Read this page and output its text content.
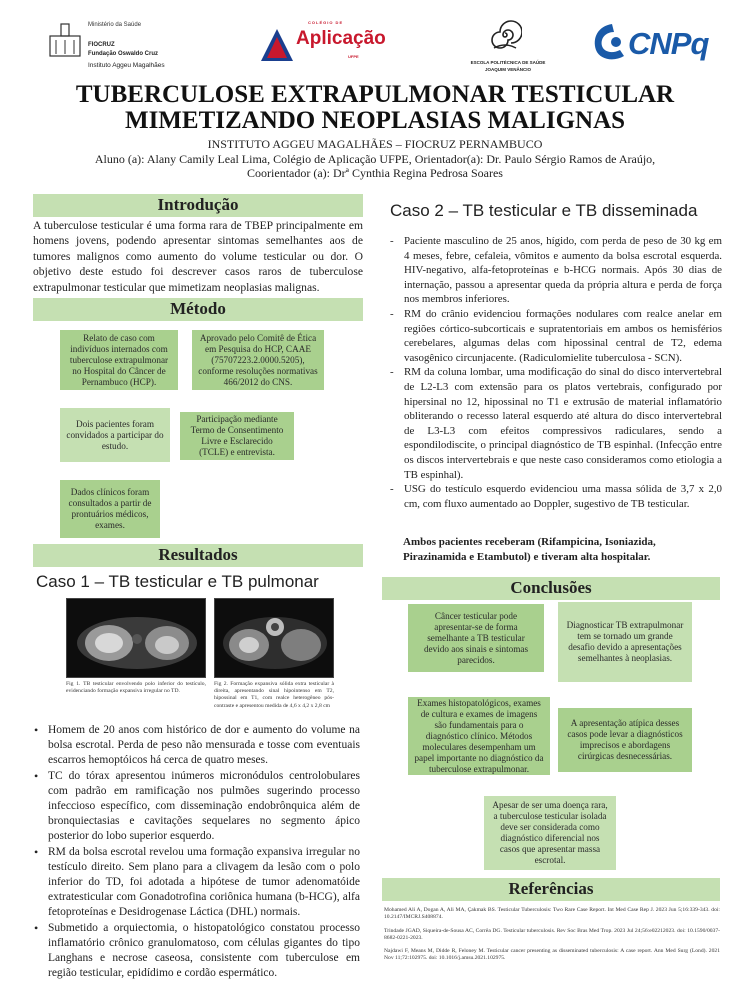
Ministério da Saúde
FIOCRUZ
Fundação Oswaldo Cruz
Instituto Aggeu Magalhães
COLÉGIO DE
Aplicação
UFPE
ESCOLA POLITÉCNICA DE SAÚDE
JOAQUIM VENÂNCIO
CNPq
TUBERCULOSE EXTRAPULMONAR TESTICULAR
MIMETIZANDO NEOPLASIAS MALIGNAS
INSTITUTO AGGEU MAGALHÃES – FIOCRUZ PERNAMBUCO
Aluno (a): Alany Camily Leal Lima, Colégio de Aplicação UFPE, Orientador(a): Dr. Paulo Sérgio Ramos de Araújo,
Coorientador (a): Drª Cynthia Regina Pedrosa Soares
Introdução
A tuberculose testicular é uma forma rara de TBEP principalmente em homens jovens, podendo apresentar sintomas semelhantes aos de tumores malignos como aumento do volume testicular ou dor. O objetivo deste estudo foi descrever casos raros de tuberculose extrapulmonar testicular que mimetizam neoplasias malignas.
Método
Relato de caso com indivíduos internados com tuberculose extrapulmonar no Hospital do Câncer de Pernambuco (HCP).
Aprovado pelo Comitê de Ética em Pesquisa do HCP, CAAE (75707223.2.0000.5205), conforme resoluções normativas 466/2012 do CNS.
Dois pacientes foram convidados a participar do estudo.
Participação mediante Termo de Consentimento Livre e Esclarecido (TCLE) e entrevista.
Dados clínicos foram consultados a partir de prontuários médicos, exames.
Resultados
Caso 1 – TB testicular e TB pulmonar
Fig 1. TB testicular envolvendo polo inferior do testículo, evidenciando formação expansiva irregular no TD.
Fig 2. Formação expansiva sólida extra testicular à direita, apresentando sinal hipointenso em T2, hipossinal em T1, com realce heterogêneo pós-contraste e apresentou medida de 4,6 x 4,2 x 2,8 cm
• Homem de 20 anos com histórico de dor e aumento do volume na bolsa escrotal. Perda de peso não mensurada e tosse com eventuais escarros hemoptóicos há cerca de quatro meses.
• TC do tórax apresentou inúmeros micronódulos centrolobulares com padrão em ramificação nos pulmões sugerindo processo infeccioso específico, com disseminação endobrônquica além de bronquiectasias e cavitações sequelares no segmento ápico posterior do lobo superior esquerdo.
• RM da bolsa escrotal revelou uma formação expansiva irregular no testículo direito. Sem plano para a clivagem da lesão com o polo inferior do TD, foi adotada a hipótese de tumor adenomatóide extratesticular com Gonadotrofina coriônica humana (b-HCG), alfa fetoproteínas e Desidrogenase Láctica (DHL) normais.
• Submetido a orquiectomia, o histopatológico constatou processo inflamatório crônico granulomatoso, com células gigantes do tipo Langhans e necrose caseosa, consistente com tuberculose em região testicular, epidídimo e cordão espermático.
Caso 2 – TB testicular e TB disseminada
- Paciente masculino de 25 anos, hígido, com perda de peso de 30 kg em 4 meses, febre, cefaleia, vômitos e aumento da bolsa escrotal esquerda. HIV-negativo, alfa-fetoproteínas e b-HCG normais. Após 30 dias de internação, passou a apresentar queda da própria altura e perda de força nos membros inferiores.
- RM do crânio evidenciou formações nodulares com realce anelar em regiões córtico-subcorticais e supratentoriais em ambos os hemisférios cerebelares, algumas delas com hipossinal central de T2, edema vasogênico circunjacente. (Radiculomielite tuberculosa - SCN).
- RM da coluna lombar, uma modificação do sinal do disco intervertebral de L2-L3 com extensão para os platos vertebrais, configurado por hipersinal no 12, hipossinal no T1 e extrusão de material inflamatório obliterando o recesso lateral esquerdo até altura do disco intervertebral de L3-L3 com efeitos compressivos radiculares, sendo a espondilodiscite, o principal diagnóstico de TB espinhal. (Infecção entre os discos intervertebrais e que neste caso consideramos como etiologia a TB espinhal).
- USG do testículo esquerdo evidenciou uma massa sólida de 3,7 x 2,0 cm, com fluxo aumentado ao Doppler, sugestivo de TB testicular.
Ambos pacientes receberam (Rifampicina, Isoniazida, Pirazinamida e Etambutol) e tiveram alta hospitalar.
Conclusões
Câncer testicular pode apresentar-se de forma semelhante a TB testicular devido aos sinais e sintomas parecidos.
Diagnosticar TB extrapulmonar tem se tornado um grande desafio devido a apresentações semelhantes à neoplasias.
Exames histopatológicos, exames de cultura e exames de imagens são fundamentais para o diagnóstico clínico. Métodos moleculares desempenham um papel importante no diagnóstico da tuberculose extrapulmonar.
A apresentação atípica desses casos pode levar a diagnósticos imprecisos e abordagens cirúrgicas desnecessárias.
Apesar de ser uma doença rara, a tuberculose testicular isolada deve ser considerada como diagnóstico diferencial nos casos que apresentar massa escrotal.
Referências

Mohamed Ali A, Dogan A, Ali MA, Çakmak BS. Testicular Tuberculosis: Two Rare Case Report. Int Med Case Rep J. 2023 Jun 5;16:339-343. doi: 10.2147/IMCRJ.S408874.

Trindade JGAD, Siqueira-de-Sousa AC, Corrêa DG. Testicular tuberculosis. Rev Soc Bras Med Trop. 2023 Jul 24;56:e02212023. doi: 10.1590/0037-8682-0221-2023.

Najdawi F, Means M, Didde R, Feloney M. Testicular cancer presenting as disseminated tuberculosis: A case report. Ann Med Surg (Lond). 2021 Nov 11;72:102975. doi: 10.1016/j.amsu.2021.102975.
